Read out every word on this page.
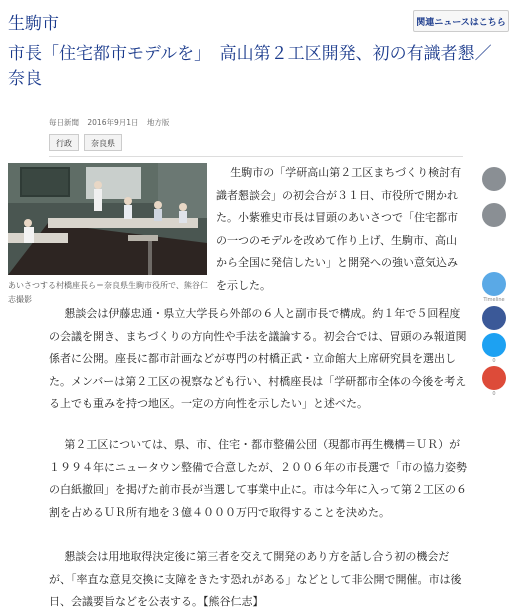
生駒市	関連ニュースはこちら
市長「住宅都市モデルを」　高山第２工区開発、初の有識者懇／奈良
毎日新聞 2016年9月1日 地方版
行政	奈良県
あいさつする村橋座長ら＝奈良県生駒市役所で、熊谷仁志撮影

生駒市の「学研高山第２工区まちづくり検討有識者懇談会」の初会合が３１日、市役所で開かれた。小紫雅史市長は冒頭のあいさつで「住宅都市の一つのモデルを改めて作り上げ、生駒市、高山から全国に発信したい」と開発への強い意気込みを示した。

懇談会は伊藤忠通・県立大学長ら外部の６人と副市長で構成。約１年で５回程度の会議を開き、まちづくりの方向性や手法を議論する。初会合では、冒頭のみ報道関係者に公開。座長に都市計画などが専門の村橋正武・立命館大上席研究員を選出した。メンバーは第２工区の視察なども行い、村橋座長は「学研都市全体の今後を考える上でも重みを持つ地区。一定の方向性を示したい」と述べた。

第２工区については、県、市、住宅・都市整備公団（現都市再生機構＝ＵＲ）が１９９４年にニュータウン整備で合意したが、２００６年の市長選で「市の協力姿勢の白紙撤回」を掲げた前市長が当選して事業中止に。市は今年に入って第２工区の６割を占めるＵＲ所有地を３億４０００万円で取得することを決めた。

懇談会は用地取得決定後に第三者を交えて開発のあり方を話し合う初の機会だが、「率直な意見交換に支障をきたす恐れがある」などとして非公開で開催。市は後日、会議要旨などを公表する。【熊谷仁志】

Timeline
0
0
